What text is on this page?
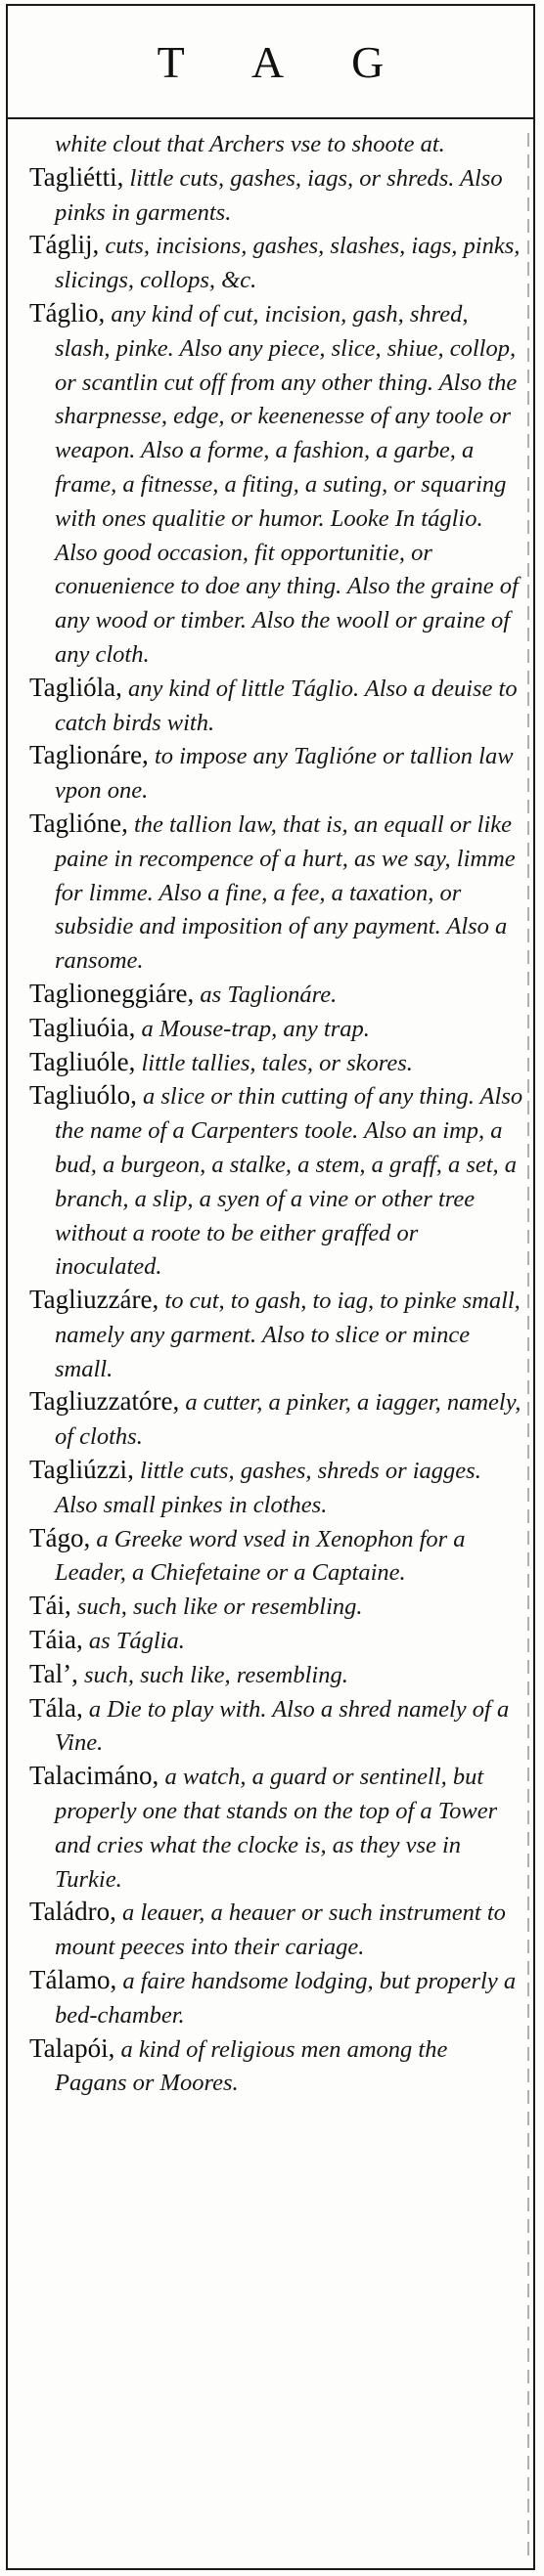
T A G

white clout that Archers vse to shoote at.

Tagliétti, little cuts, gashes, iags, or shreds. Also pinks in garments.

Táglij, cuts, incisions, gashes, slashes, iags, pinks, slicings, collops, &c.

Táglio, any kind of cut, incision, gash, shred, slash, pinke. Also any piece, slice, shiue, collop, or scantlin cut off from any other thing. Also the sharpnesse, edge, or keenenesse of any toole or weapon. Also a forme, a fashion, a garbe, a frame, a fitnesse, a fiting, a suting, or squaring with ones qualitie or humor. Looke In táglio. Also good occasion, fit opportunitie, or conuenience to doe any thing. Also the graine of any wood or timber. Also the wooll or graine of any cloth.

Taglióla, any kind of little Táglio. Also a deuise to catch birds with.

Taglionáre, to impose any Taglióne or tallion law vpon one.

Taglióne, the tallion law, that is, an equall or like paine in recompence of a hurt, as we say, limme for limme. Also a fine, a fee, a taxation, or subsidie and imposition of any payment. Also a ransome.

Taglioneggiáre, as Taglionáre.

Tagliuóia, a Mouse-trap, any trap.

Tagliuóle, little tallies, tales, or skores.

Tagliuólo, a slice or thin cutting of any thing. Also the name of a Carpenters toole. Also an imp, a bud, a burgeon, a stalke, a stem, a graff, a set, a branch, a slip, a syen of a vine or other tree without a roote to be either graffed or inoculated.

Tagliuzzáre, to cut, to gash, to iag, to pinke small, namely any garment. Also to slice or mince small.

Tagliuzzatóre, a cutter, a pinker, a iagger, namely, of cloths.

Tagliúzzi, little cuts, gashes, shreds or iagges. Also small pinkes in clothes.

Tágo, a Greeke word vsed in Xenophon for a Leader, a Chiefetaine or a Captaine.

Tái, such, such like or resembling.

Táia, as Táglia.

Tal’, such, such like, resembling.

Tála, a Die to play with. Also a shred namely of a Vine.

Talacimáno, a watch, a guard or sentinell, but properly one that stands on the top of a Tower and cries what the clocke is, as they vse in Turkie.

Taládro, a leauer, a heauer or such instrument to mount peeces into their cariage.

Tálamo, a faire handsome lodging, but properly a bed-chamber.

Talapói, a kind of religious men among the Pagans or Moores.
